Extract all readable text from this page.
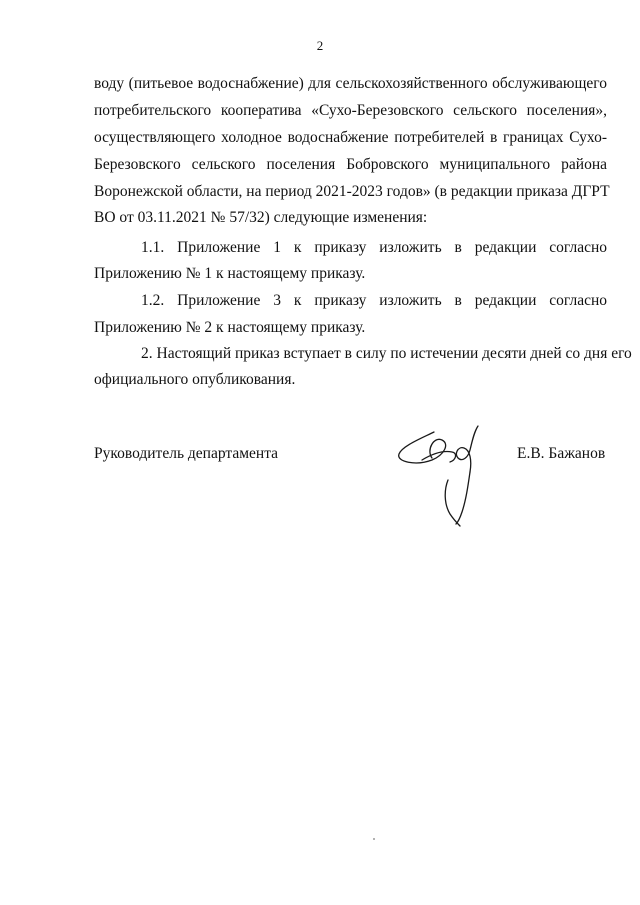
2
воду (питьевое водоснабжение) для сельскохозяйственного обслуживающего
потребительского кооператива «Сухо-Березовского сельского поселения»,
осуществляющего холодное водоснабжение потребителей в границах Сухо-
Березовского сельского поселения Бобровского муниципального района
Воронежской области, на период 2021-2023 годов» (в редакции приказа ДГРТ
ВО от 03.11.2021 № 57/32) следующие изменения:
1.1. Приложение 1 к приказу изложить в редакции согласно
Приложению № 1 к настоящему приказу.
1.2. Приложение 3 к приказу изложить в редакции согласно
Приложению № 2 к настоящему приказу.
2. Настоящий приказ вступает в силу по истечении десяти дней со дня его
официального опубликования.
Руководитель департамента	Е.В. Бажанов
